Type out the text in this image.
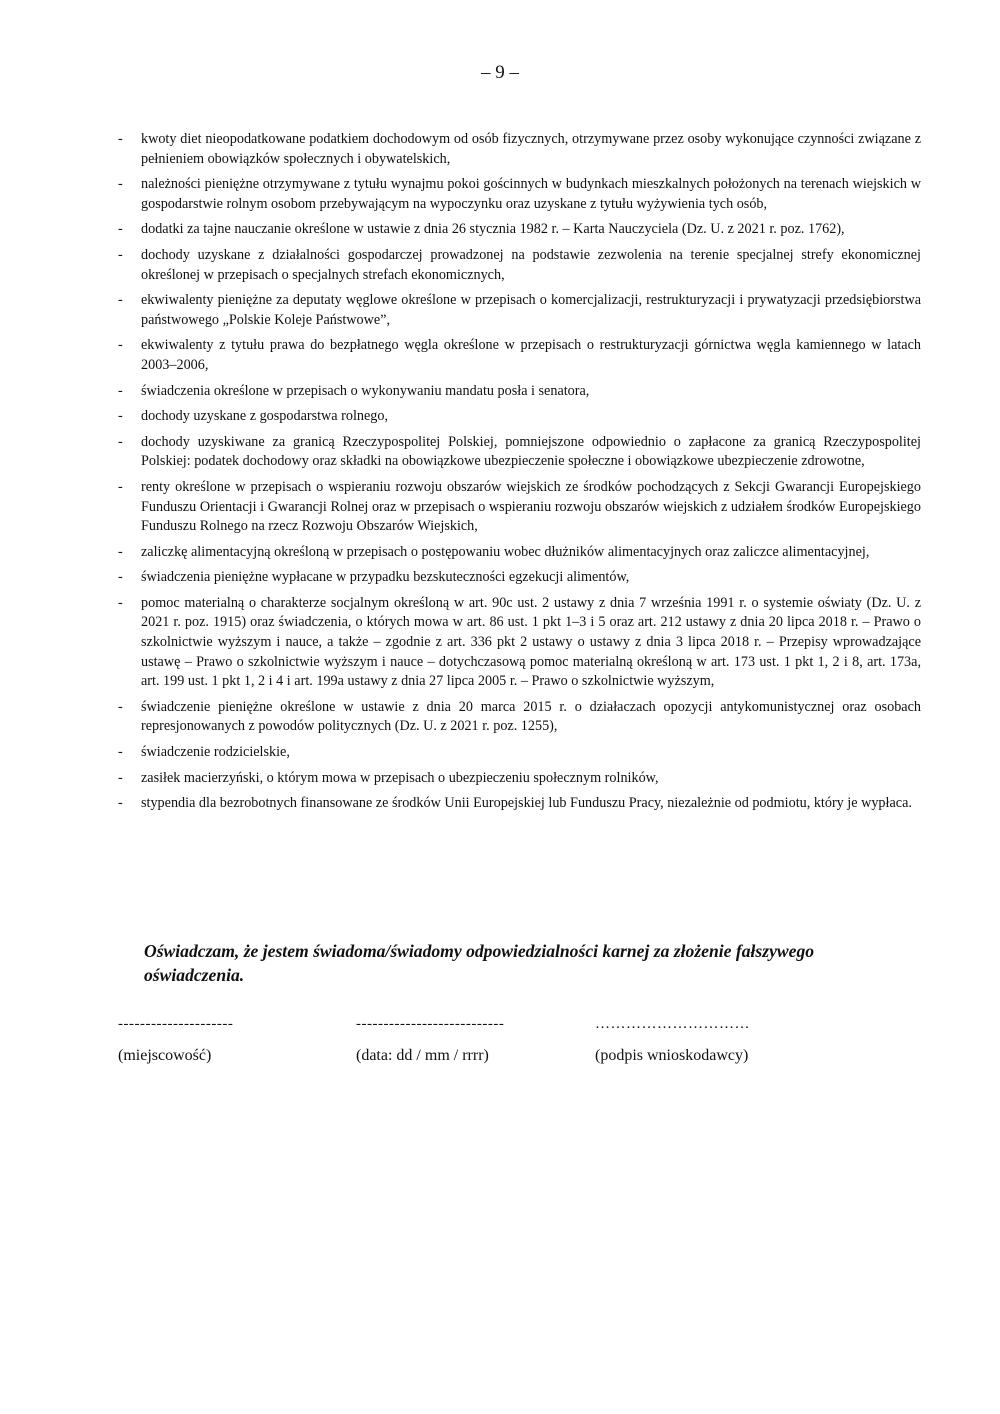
– 9 –
- kwoty diet nieopodatkowane podatkiem dochodowym od osób fizycznych, otrzymywane przez osoby wykonujące czynności związane z pełnieniem obowiązków społecznych i obywatelskich,
- należności pieniężne otrzymywane z tytułu wynajmu pokoi gościnnych w budynkach mieszkalnych położonych na terenach wiejskich w gospodarstwie rolnym osobom przebywającym na wypoczynku oraz uzyskane z tytułu wyżywienia tych osób,
- dodatki za tajne nauczanie określone w ustawie z dnia 26 stycznia 1982 r. – Karta Nauczyciela (Dz. U. z 2021 r. poz. 1762),
- dochody uzyskane z działalności gospodarczej prowadzonej na podstawie zezwolenia na terenie specjalnej strefy ekonomicznej określonej w przepisach o specjalnych strefach ekonomicznych,
- ekwiwalenty pieniężne za deputaty węglowe określone w przepisach o komercjalizacji, restrukturyzacji i prywatyzacji przedsiębiorstwa państwowego „Polskie Koleje Państwowe”,
- ekwiwalenty z tytułu prawa do bezpłatnego węgla określone w przepisach o restrukturyzacji górnictwa węgla kamiennego w latach 2003–2006,
- świadczenia określone w przepisach o wykonywaniu mandatu posła i senatora,
- dochody uzyskane z gospodarstwa rolnego,
- dochody uzyskiwane za granicą Rzeczypospolitej Polskiej, pomniejszone odpowiednio o zapłacone za granicą Rzeczypospolitej Polskiej: podatek dochodowy oraz składki na obowiązkowe ubezpieczenie społeczne i obowiązkowe ubezpieczenie zdrowotne,
- renty określone w przepisach o wspieraniu rozwoju obszarów wiejskich ze środków pochodzących z Sekcji Gwarancji Europejskiego Funduszu Orientacji i Gwarancji Rolnej oraz w przepisach o wspieraniu rozwoju obszarów wiejskich z udziałem środków Europejskiego Funduszu Rolnego na rzecz Rozwoju Obszarów Wiejskich,
- zaliczkę alimentacyjną określoną w przepisach o postępowaniu wobec dłużników alimentacyjnych oraz zaliczce alimentacyjnej,
- świadczenia pieniężne wypłacane w przypadku bezskuteczności egzekucji alimentów,
- pomoc materialną o charakterze socjalnym określoną w art. 90c ust. 2 ustawy z dnia 7 września 1991 r. o systemie oświaty (Dz. U. z 2021 r. poz. 1915) oraz świadczenia, o których mowa w art. 86 ust. 1 pkt 1–3 i 5 oraz art. 212 ustawy z dnia 20 lipca 2018 r. – Prawo o szkolnictwie wyższym i nauce, a także – zgodnie z art. 336 pkt 2 ustawy o ustawy z dnia 3 lipca 2018 r. – Przepisy wprowadzające ustawę – Prawo o szkolnictwie wyższym i nauce – dotychczasową pomoc materialną określoną w art. 173 ust. 1 pkt 1, 2 i 8, art. 173a, art. 199 ust. 1 pkt 1, 2 i 4 i art. 199a ustawy z dnia 27 lipca 2005 r. – Prawo o szkolnictwie wyższym,
- świadczenie pieniężne określone w ustawie z dnia 20 marca 2015 r. o działaczach opozycji antykomunistycznej oraz osobach represjonowanych z powodów politycznych (Dz. U. z 2021 r. poz. 1255),
- świadczenie rodzicielskie,
- zasiłek macierzyński, o którym mowa w przepisach o ubezpieczeniu społecznym rolników,
- stypendia dla bezrobotnych finansowane ze środków Unii Europejskiej lub Funduszu Pracy, niezależnie od podmiotu, który je wypłaca.
Oświadczam, że jestem świadoma/świadomy odpowiedzialności karnej za złożenie fałszywego oświadczenia.
---------------------
(miejscowość)
---------------------------
(data: dd / mm / rrrr)
…………………………
(podpis wnioskodawcy)
